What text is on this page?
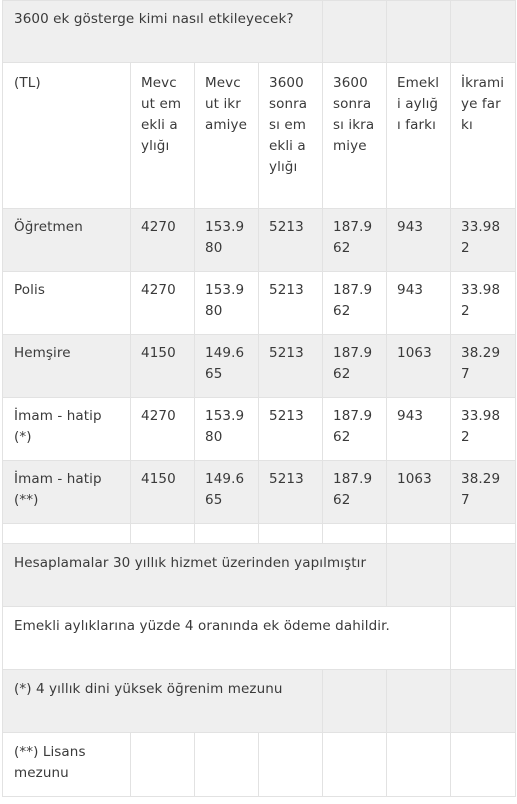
3600 ek gösterge kimi nasıl etkileyecek?						
(TL)	Mevcut emekli aylığı	Mevcut ikramiye	3600 sonrası emekli aylığı	3600 sonrası ikramiye	Emekli aylığı farkı	İkramiye farkı
Öğretmen	4270	153.980	5213	187.962	943	33.982
Polis	4270	153.980	5213	187.962	943	33.982
Hemşire	4150	149.665	5213	187.962	1063	38.297
İmam - hatip (*)	4270	153.980	5213	187.962	943	33.982
İmam - hatip (**)	4150	149.665	5213	187.962	1063	38.297

Hesaplamalar 30 yıllık hizmet üzerinden yapılmıştır						
Emekli aylıklarına yüzde 4 oranında ek ödeme dahildir.						
(*) 4 yıllık dini yüksek öğrenim mezunu						

(**) Lisans mezunu						
